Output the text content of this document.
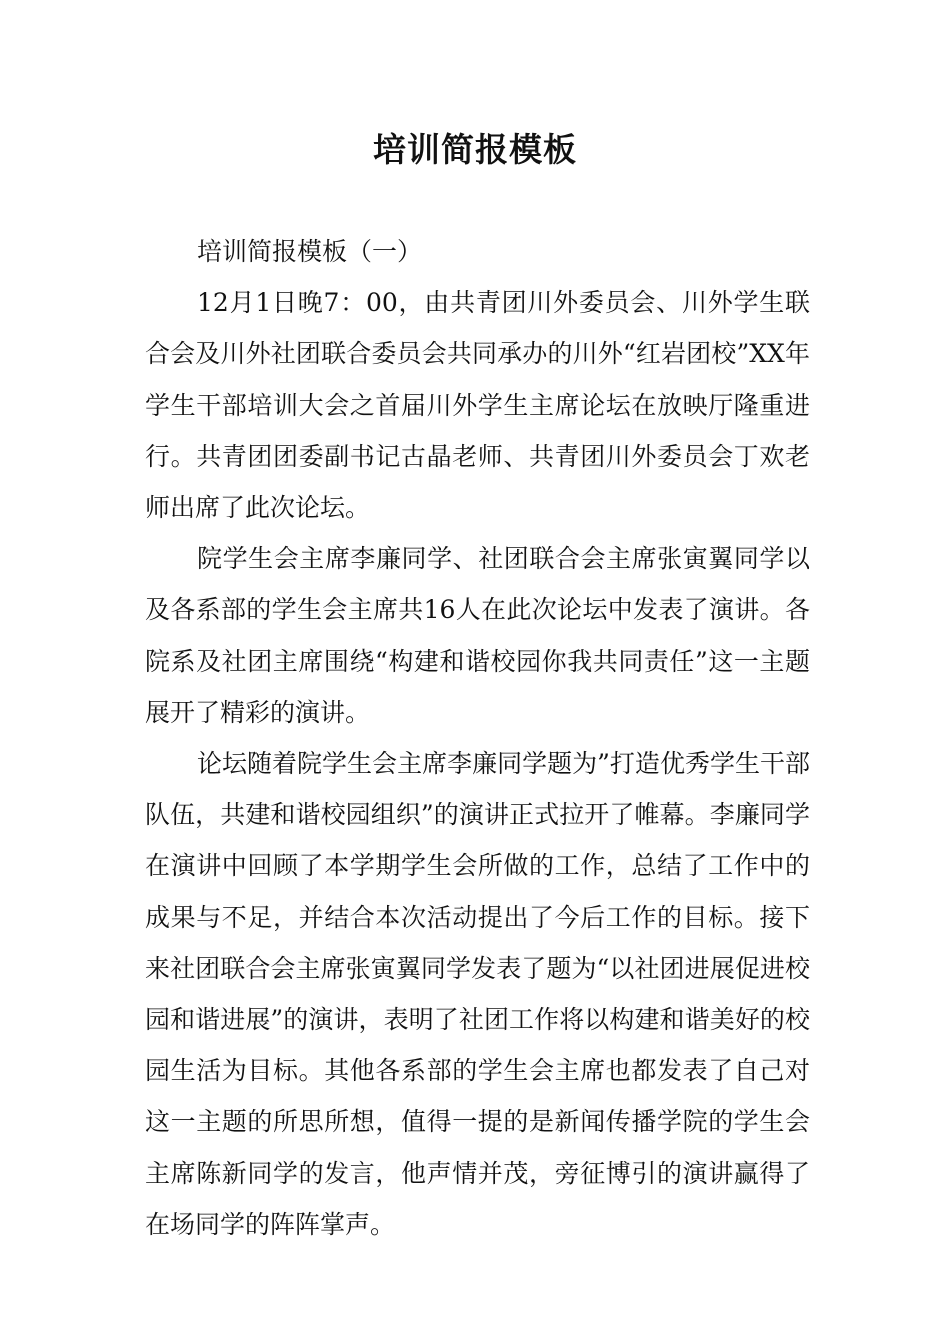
培训简报模板

培训简报模板（一）

12月1日晚7：00，由共青团川外委员会、川外学生联合会及川外社团联合委员会共同承办的川外“红岩团校”XX年学生干部培训大会之首届川外学生主席论坛在放映厅隆重进行。共青团团委副书记古晶老师、共青团川外委员会丁欢老师出席了此次论坛。

院学生会主席李廉同学、社团联合会主席张寅翼同学以及各系部的学生会主席共16人在此次论坛中发表了演讲。各院系及社团主席围绕“构建和谐校园你我共同责任”这一主题展开了精彩的演讲。

论坛随着院学生会主席李廉同学题为”打造优秀学生干部队伍，共建和谐校园组织”的演讲正式拉开了帷幕。李廉同学在演讲中回顾了本学期学生会所做的工作，总结了工作中的成果与不足，并结合本次活动提出了今后工作的目标。接下来社团联合会主席张寅翼同学发表了题为“以社团进展促进校园和谐进展”的演讲，表明了社团工作将以构建和谐美好的校园生活为目标。其他各系部的学生会主席也都发表了自己对这一主题的所思所想，值得一提的是新闻传播学院的学生会主席陈新同学的发言，他声情并茂，旁征博引的演讲赢得了在场同学的阵阵掌声。
